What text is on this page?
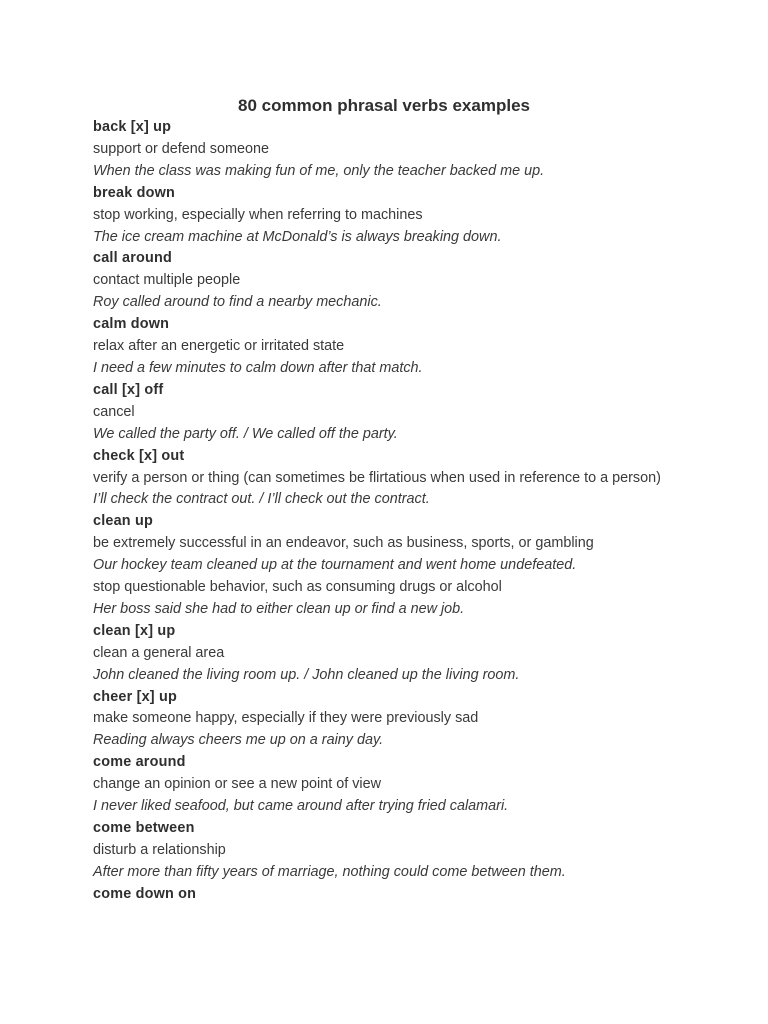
80 common phrasal verbs examples
back [x] up
support or defend someone
When the class was making fun of me, only the teacher backed me up.
break down
stop working, especially when referring to machines
The ice cream machine at McDonald’s is always breaking down.
call around
contact multiple people
Roy called around to find a nearby mechanic.
calm down
relax after an energetic or irritated state
I need a few minutes to calm down after that match.
call [x] off
cancel
We called the party off. / We called off the party.
check [x] out
verify a person or thing (can sometimes be flirtatious when used in reference to a person)
I’ll check the contract out. / I’ll check out the contract.
clean up
be extremely successful in an endeavor, such as business, sports, or gambling
Our hockey team cleaned up at the tournament and went home undefeated.
stop questionable behavior, such as consuming drugs or alcohol
Her boss said she had to either clean up or find a new job.
clean [x] up
clean a general area
John cleaned the living room up. / John cleaned up the living room.
cheer [x] up
make someone happy, especially if they were previously sad
Reading always cheers me up on a rainy day.
come around
change an opinion or see a new point of view
I never liked seafood, but came around after trying fried calamari.
come between
disturb a relationship
After more than fifty years of marriage, nothing could come between them.
come down on
